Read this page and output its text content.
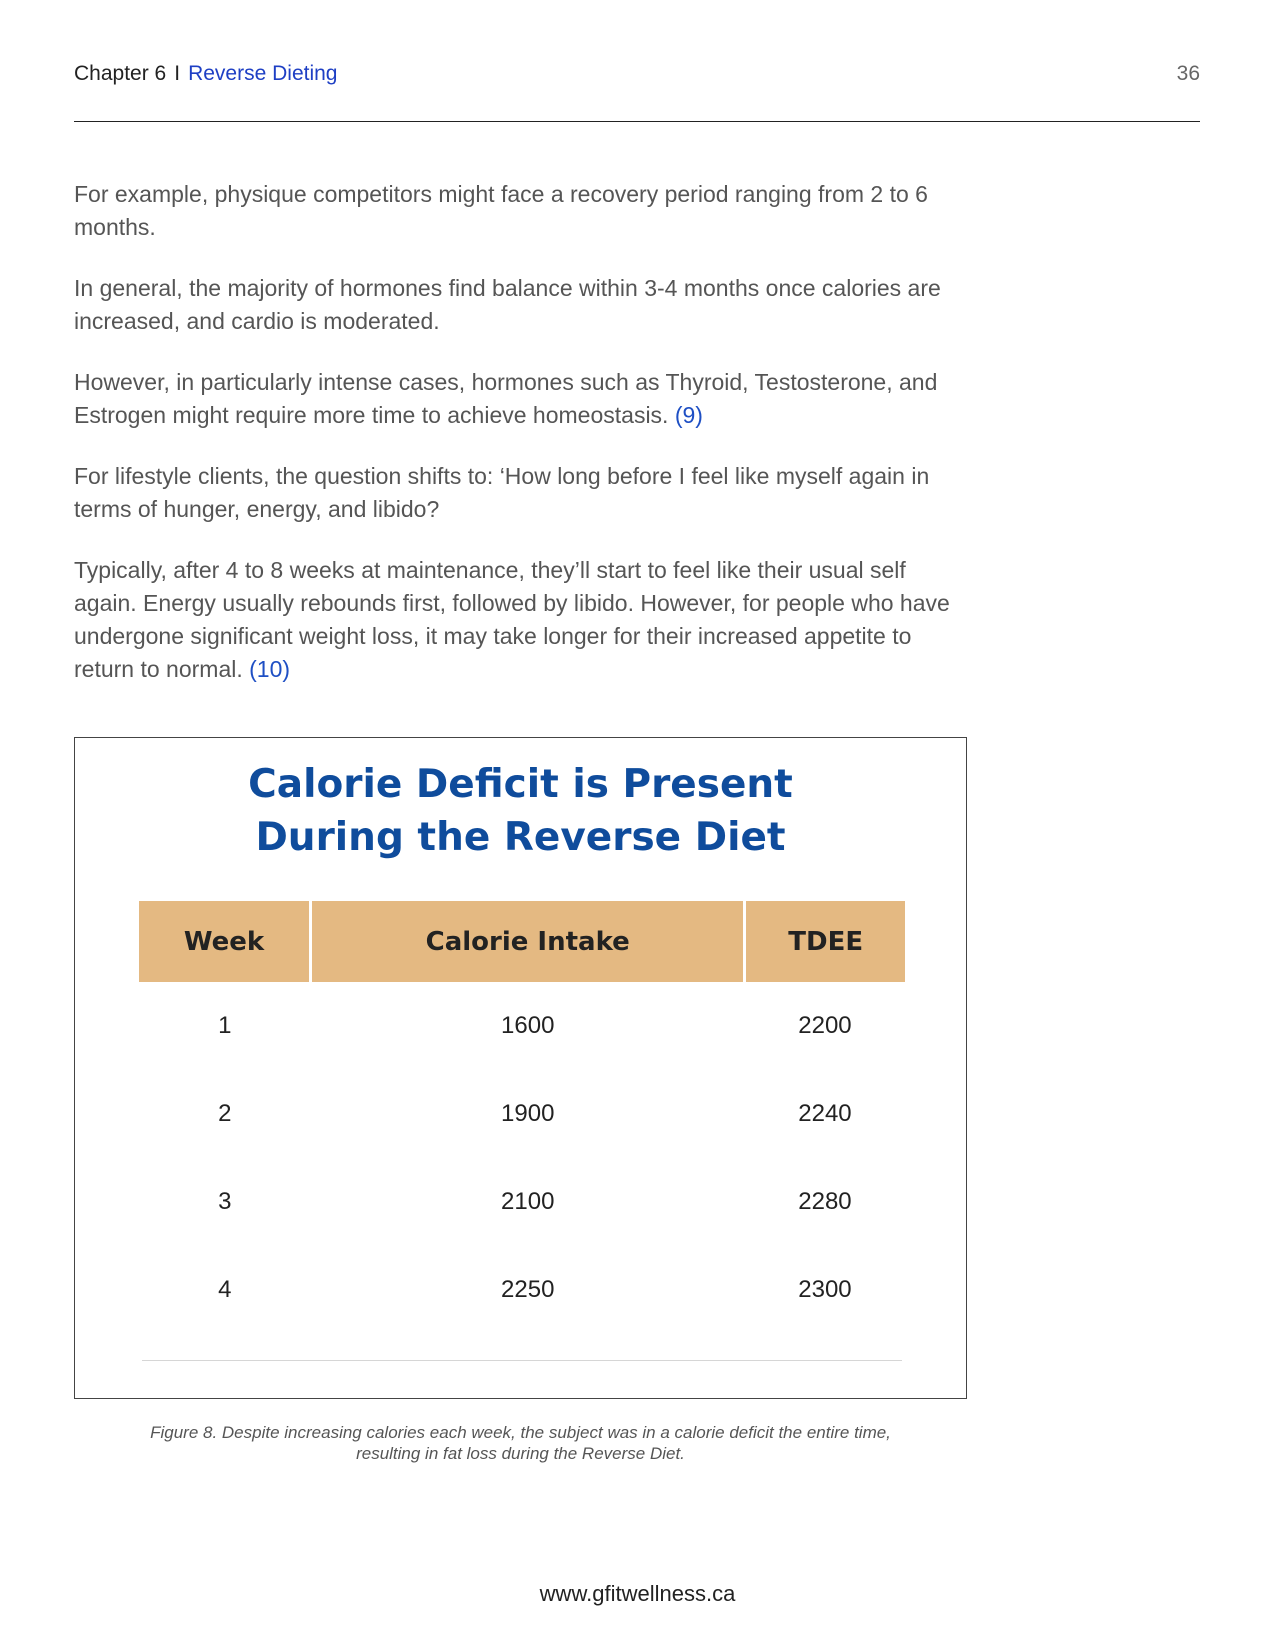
Chapter 6 I Reverse Dieting	36

For example, physique competitors might face a recovery period ranging from 2 to 6 months.

In general, the majority of hormones find balance within 3-4 months once calories are increased, and cardio is moderated.

However, in particularly intense cases, hormones such as Thyroid, Testosterone, and Estrogen might require more time to achieve homeostasis. (9)

For lifestyle clients, the question shifts to: ‘How long before I feel like myself again in terms of hunger, energy, and libido?

Typically, after 4 to 8 weeks at maintenance, they’ll start to feel like their usual self again. Energy usually rebounds first, followed by libido. However, for people who have undergone significant weight loss, it may take longer for their increased appetite to return to normal. (10)

Calorie Deficit is Present
During the Reverse Diet
Week	Calorie Intake	TDEE
1	1600	2200
2	1900	2240
3	2100	2280
4	2250	2300
Figure 8. Despite increasing calories each week, the subject was in a calorie deficit the entire time,
resulting in fat loss during the Reverse Diet.
www.gfitwellness.ca
